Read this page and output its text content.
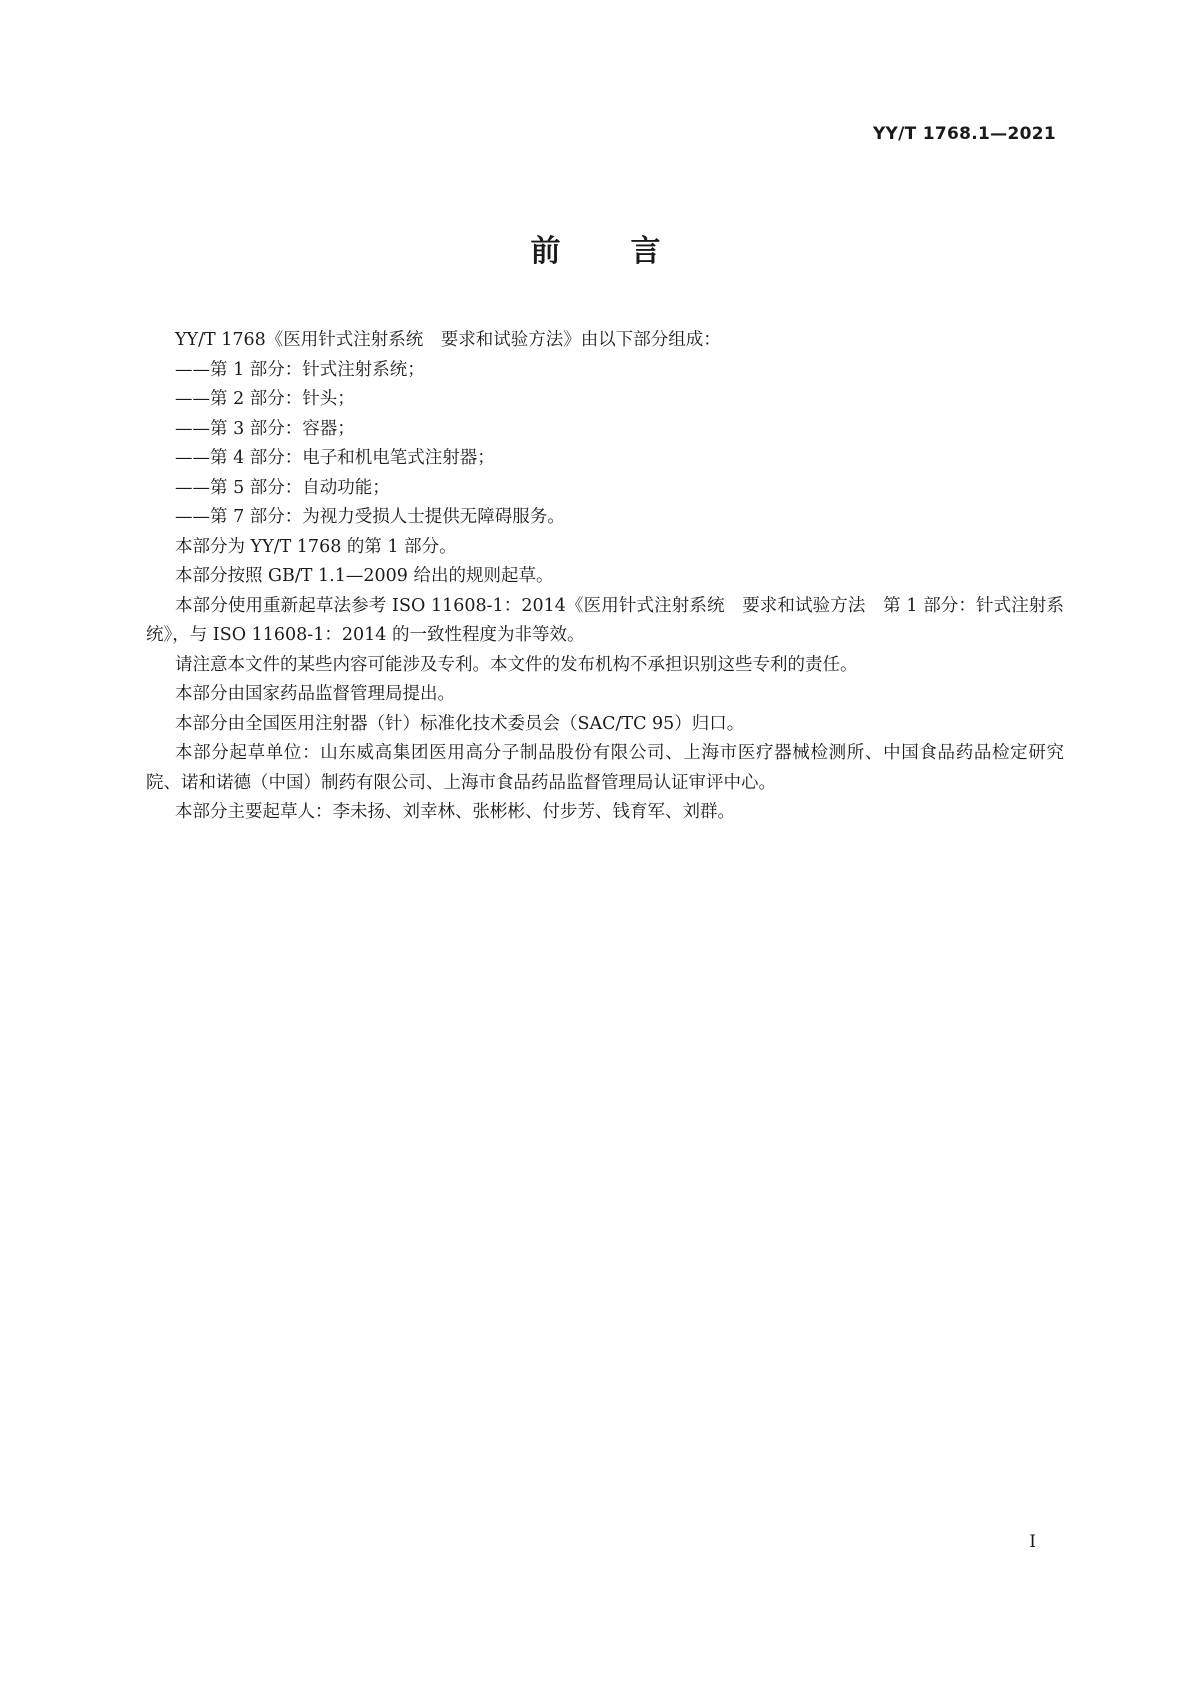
YY/T 1768.1—2021
前 言

YY/T 1768《医用针式注射系统　要求和试验方法》由以下部分组成：

——第 1 部分：针式注射系统；

——第 2 部分：针头；

——第 3 部分：容器；

——第 4 部分：电子和机电笔式注射器；

——第 5 部分：自动功能；

——第 7 部分：为视力受损人士提供无障碍服务。

本部分为 YY/T 1768 的第 1 部分。

本部分按照 GB/T 1.1—2009 给出的规则起草。

本部分使用重新起草法参考 ISO 11608-1：2014《医用针式注射系统　要求和试验方法　第 1 部分：针式注射系统》，与 ISO 11608-1：2014 的一致性程度为非等效。

请注意本文件的某些内容可能涉及专利。本文件的发布机构不承担识别这些专利的责任。

本部分由国家药品监督管理局提出。

本部分由全国医用注射器（针）标准化技术委员会（SAC/TC 95）归口。

本部分起草单位：山东威高集团医用高分子制品股份有限公司、上海市医疗器械检测所、中国食品药品检定研究院、诺和诺德（中国）制药有限公司、上海市食品药品监督管理局认证审评中心。

本部分主要起草人：李未扬、刘幸林、张彬彬、付步芳、钱育军、刘群。

I
